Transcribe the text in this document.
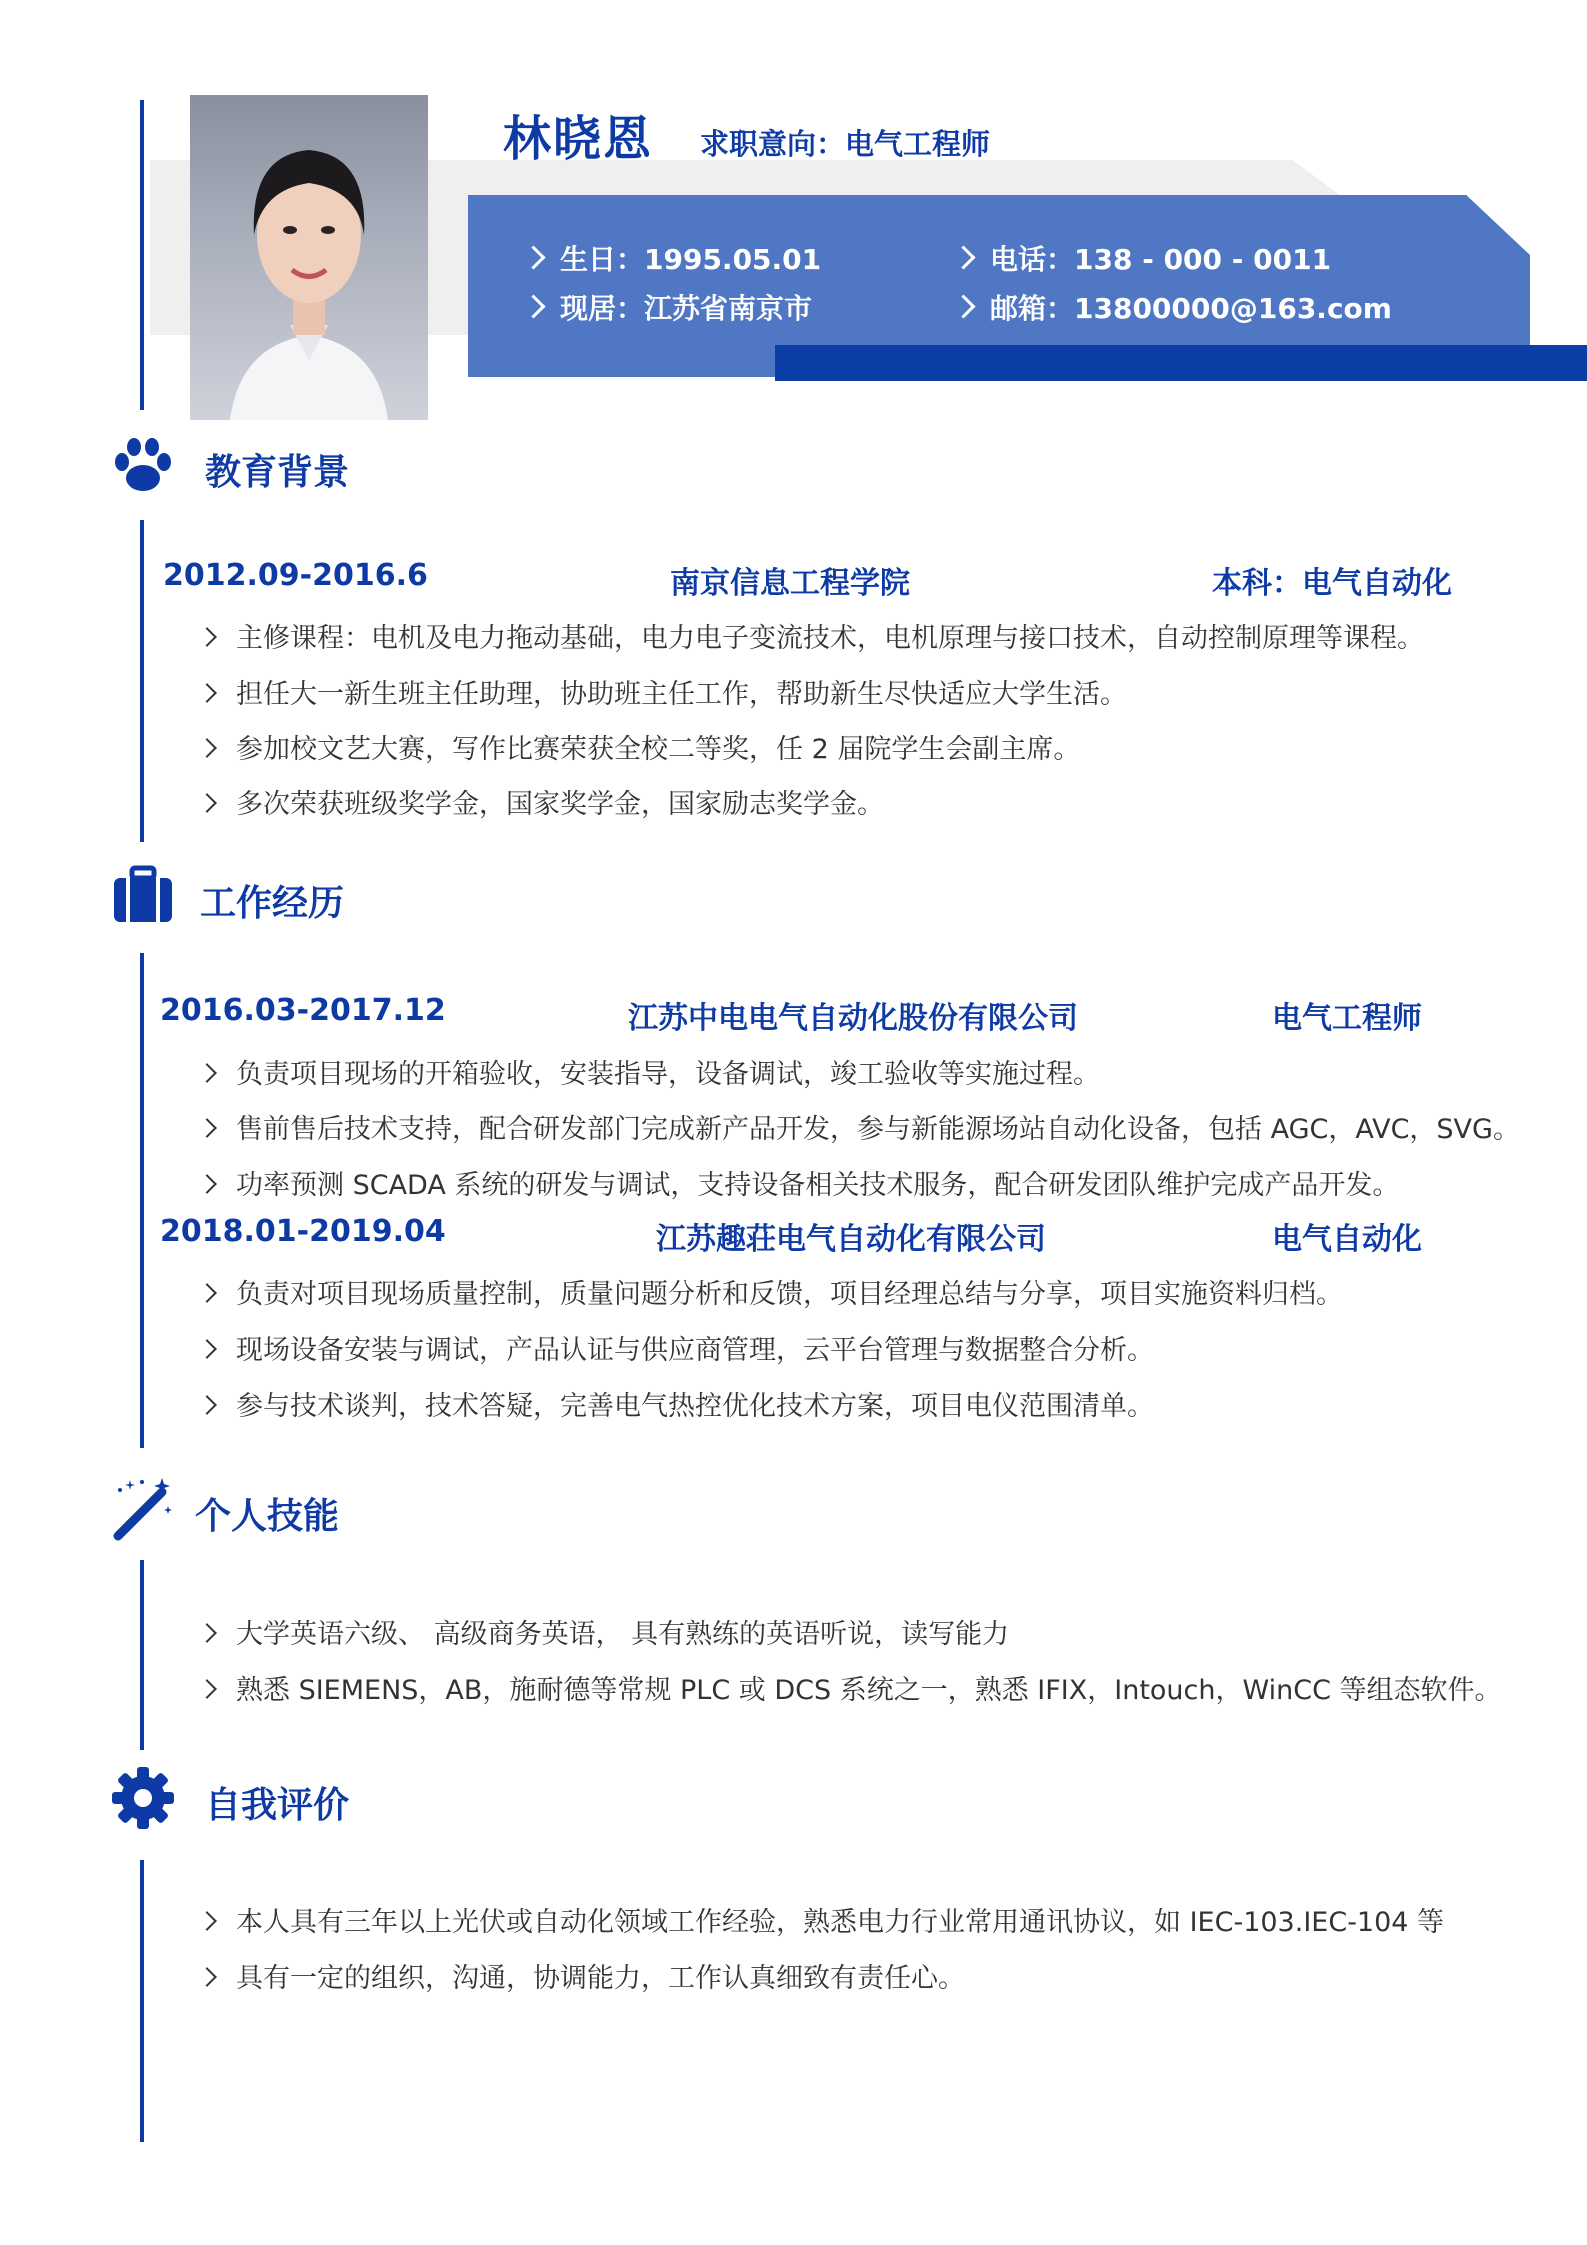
林晓恩 求职意向：电气工程师
生日：1995.05.01	电话：138 - 000 - 0011
现居：江苏省南京市	邮箱：13800000@163.com
教育背景
2012.09-2016.6	南京信息工程学院	本科：电气自动化
主修课程：电机及电力拖动基础，电力电子变流技术，电机原理与接口技术，自动控制原理等课程。
担任大一新生班主任助理，协助班主任工作，帮助新生尽快适应大学生活。
参加校文艺大赛，写作比赛荣获全校二等奖，任 2 届院学生会副主席。
多次荣获班级奖学金，国家奖学金，国家励志奖学金。
工作经历
2016.03-2017.12	江苏中电电气自动化股份有限公司	电气工程师
负责项目现场的开箱验收，安装指导，设备调试，竣工验收等实施过程。
售前售后技术支持，配合研发部门完成新产品开发，参与新能源场站自动化设备，包括 AGC，AVC，SVG。
功率预测 SCADA 系统的研发与调试，支持设备相关技术服务，配合研发团队维护完成产品开发。
2018.01-2019.04	江苏趣荘电气自动化有限公司	电气自动化
负责对项目现场质量控制，质量问题分析和反馈，项目经理总结与分享，项目实施资料归档。
现场设备安装与调试，产品认证与供应商管理，云平台管理与数据整合分析。
参与技术谈判，技术答疑，完善电气热控优化技术方案，项目电仪范围清单。
个人技能
大学英语六级、 高级商务英语， 具有熟练的英语听说，读写能力
熟悉 SIEMENS，AB，施耐德等常规 PLC 或 DCS 系统之一，熟悉 IFIX，Intouch，WinCC 等组态软件。
自我评价
本人具有三年以上光伏或自动化领域工作经验，熟悉电力行业常用通讯协议，如 IEC-103.IEC-104 等
具有一定的组织，沟通，协调能力，工作认真细致有责任心。
